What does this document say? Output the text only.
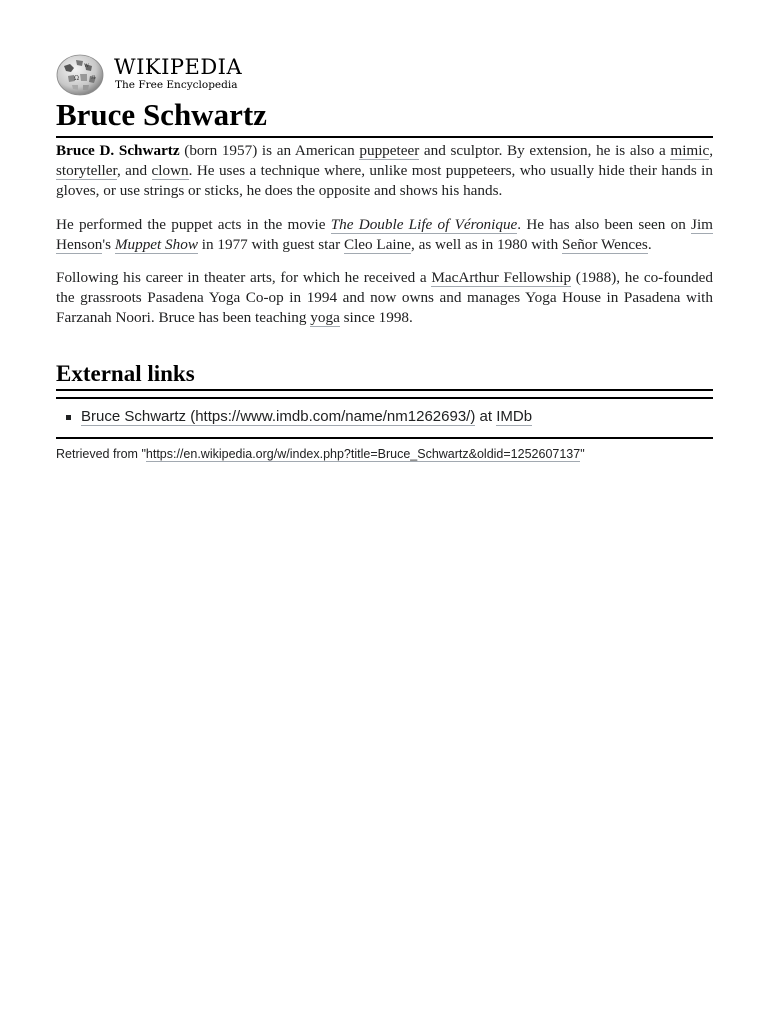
Ω
W
Л WIKIPEDIA
The Free Encyclopedia
Bruce Schwartz

Bruce D. Schwartz (born 1957) is an American puppeteer and sculptor. By extension, he is also a mimic, storyteller, and clown. He uses a technique where, unlike most puppeteers, who usually hide their hands in gloves, or use strings or sticks, he does the opposite and shows his hands.

He performed the puppet acts in the movie The Double Life of Véronique. He has also been seen on Jim Henson's Muppet Show in 1977 with guest star Cleo Laine, as well as in 1980 with Señor Wences.

Following his career in theater arts, for which he received a MacArthur Fellowship (1988), he co-founded the grassroots Pasadena Yoga Co-op in 1994 and now owns and manages Yoga House in Pasadena with Farzanah Noori. Bruce has been teaching yoga since 1998.

External links
Bruce Schwartz (https://www.imdb.com/name/nm1262693/) at IMDb
Retrieved from "https://en.wikipedia.org/w/index.php?title=Bruce_Schwartz&oldid=1252607137"
